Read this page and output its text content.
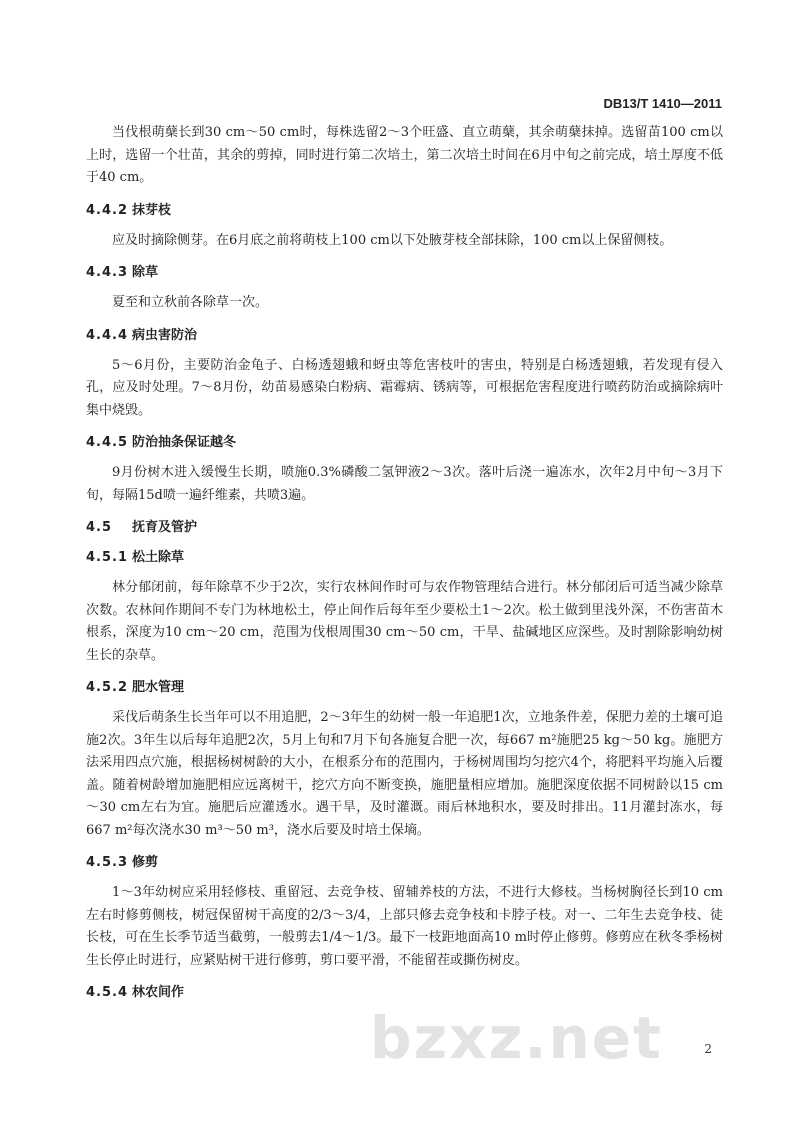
DB13/T 1410—2011

当伐根萌蘖长到30 cm～50 cm时，每株选留2～3个旺盛、直立萌蘖，其余萌蘖抹掉。选留苗100 cm以上时，选留一个壮苗，其余的剪掉，同时进行第二次培土，第二次培土时间在6月中旬之前完成，培土厚度不低于40 cm。

4.4.2 抹芽枝

应及时摘除侧芽。在6月底之前将萌枝上100 cm以下处腋芽枝全部抹除，100 cm以上保留侧枝。

4.4.3 除草

夏至和立秋前各除草一次。

4.4.4 病虫害防治

5～6月份，主要防治金龟子、白杨透翅蛾和蚜虫等危害枝叶的害虫，特别是白杨透翅蛾，若发现有侵入孔，应及时处理。7～8月份，幼苗易感染白粉病、霜霉病、锈病等，可根据危害程度进行喷药防治或摘除病叶集中烧毁。

4.4.5 防治抽条保证越冬

9月份树木进入缓慢生长期，喷施0.3%磷酸二氢钾液2～3次。落叶后浇一遍冻水，次年2月中旬～3月下旬，每隔15d喷一遍纤维素，共喷3遍。

4.5 抚育及管护
4.5.1 松土除草

林分郁闭前，每年除草不少于2次，实行农林间作时可与农作物管理结合进行。林分郁闭后可适当减少除草次数。农林间作期间不专门为林地松土，停止间作后每年至少要松土1～2次。松土做到里浅外深，不伤害苗木根系，深度为10 cm～20 cm，范围为伐根周围30 cm～50 cm，干旱、盐碱地区应深些。及时割除影响幼树生长的杂草。

4.5.2 肥水管理

采伐后萌条生长当年可以不用追肥，2～3年生的幼树一般一年追肥1次，立地条件差，保肥力差的土壤可追施2次。3年生以后每年追肥2次，5月上旬和7月下旬各施复合肥一次，每667 m²施肥25 kg～50 kg。施肥方法采用四点穴施，根据杨树树龄的大小，在根系分布的范围内，于杨树周围均匀挖穴4个，将肥料平均施入后覆盖。随着树龄增加施肥相应远离树干，挖穴方向不断变换，施肥量相应增加。施肥深度依据不同树龄以15 cm～30 cm左右为宜。施肥后应灌透水。遇干旱，及时灌溉。雨后林地积水，要及时排出。11月灌封冻水，每667 m²每次浇水30 m³～50 m³，浇水后要及时培土保墒。

4.5.3 修剪

1～3年幼树应采用轻修枝、重留冠、去竞争枝、留辅养枝的方法，不进行大修枝。当杨树胸径长到10 cm左右时修剪侧枝，树冠保留树干高度的2/3～3/4，上部只修去竞争枝和卡脖子枝。对一、二年生去竞争枝、徒长枝，可在生长季节适当截剪，一般剪去1/4～1/3。最下一枝距地面高10 m时停止修剪。修剪应在秋冬季杨树生长停止时进行，应紧贴树干进行修剪，剪口要平滑，不能留茬或撕伤树皮。

4.5.4 林农间作
bzxz.net	2
